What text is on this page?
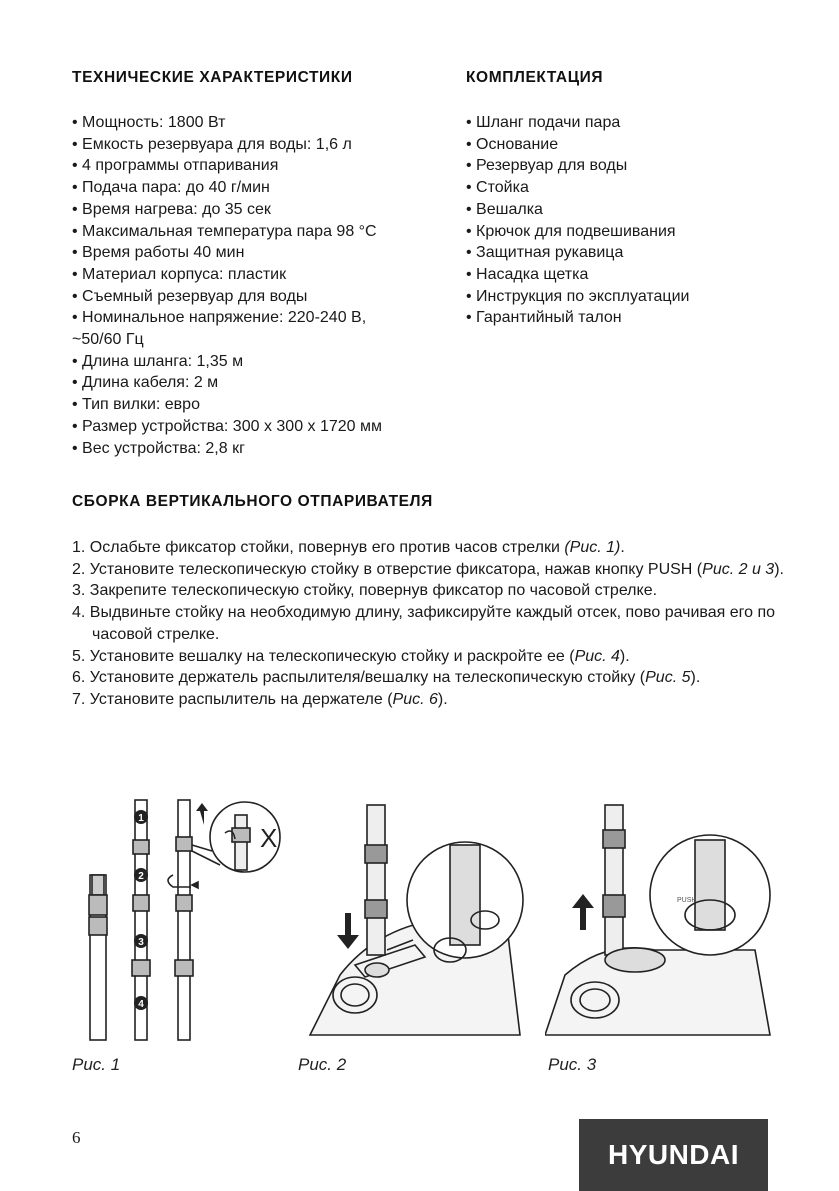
ТЕХНИЧЕСКИЕ ХАРАКТЕРИСТИКИ
• Мощность: 1800 Вт
• Емкость резервуара для воды: 1,6 л
• 4 программы отпаривания
• Подача пара: до 40 г/мин
• Время нагрева: до 35 сек
• Максимальная температура пара 98 °С
• Время работы 40 мин
• Материал корпуса: пластик
• Съемный резервуар для воды
• Номинальное напряжение: 220-240 В,
~50/60 Гц
• Длина шланга: 1,35 м
• Длина кабеля: 2 м
• Тип вилки: евро
• Размер устройства: 300 х 300 х 1720 мм
• Вес устройства: 2,8 кг
КОМПЛЕКТАЦИЯ
• Шланг подачи пара
• Основание
• Резервуар для воды
• Стойка
• Вешалка
• Крючок для подвешивания
• Защитная рукавица
• Насадка щетка
• Инструкция по эксплуатации
• Гарантийный талон
СБОРКА ВЕРТИКАЛЬНОГО ОТПАРИВАТЕЛЯ
1. Ослабьте фиксатор стойки, повернув его против часов стрелки (Рис. 1).
2. Установите телескопическую стойку в отверстие фиксатора, нажав кнопку PUSH (Рис. 2 и 3).
3. Закрепите телескопическую стойку, повернув фиксатор по часовой стрелке.
4. Выдвиньте стойку на необходимую длину, зафиксируйте каждый отсек, пово рачивая его по часовой стрелке.
5. Установите вешалку на телескопическую стойку и раскройте ее (Рис. 4).
6. Установите держатель распылителя/вешалку на телескопическую стойку (Рис. 5).
7. Установите распылитель на держателе (Рис. 6).
1
2
3
4
X
PUSH
Рис. 1	Рис. 2	Рис. 3
6
HYUNDAI
